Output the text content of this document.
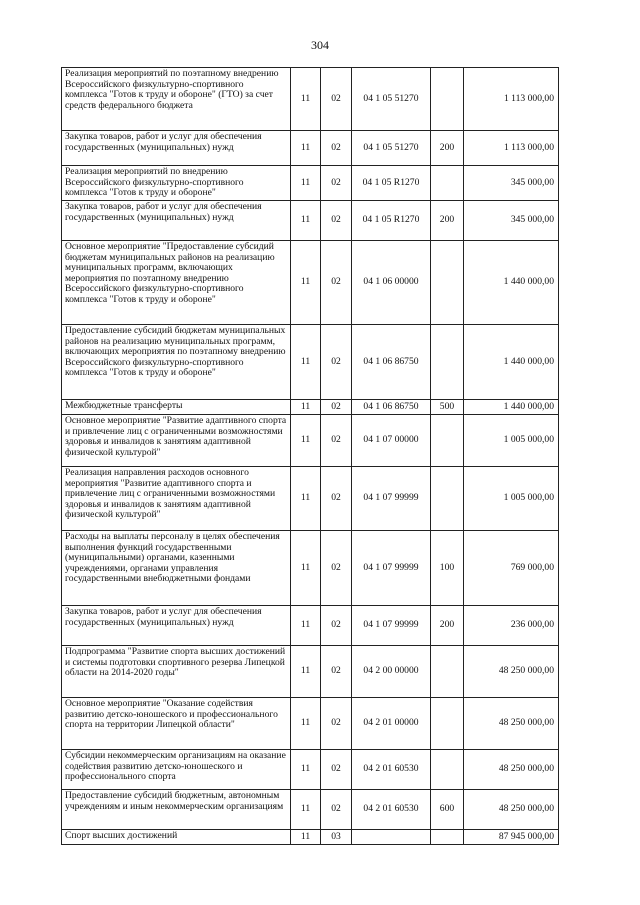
304
Реализация мероприятий по поэтапному внедрению Всероссийского физкультурно-спортивного комплекса "Готов к труду и обороне" (ГТО) за счет средств федерального бюджета	11	02	04 1 05 51270		1 113 000,00
Закупка товаров, работ и услуг для обеспечения государственных (муниципальных) нужд	11	02	04 1 05 51270	200	1 113 000,00
Реализация мероприятий по внедрению Всероссийского физкультурно-спортивного комплекса "Готов к труду и обороне"	11	02	04 1 05 R1270		345 000,00
Закупка товаров, работ и услуг для обеспечения государственных (муниципальных) нужд	11	02	04 1 05 R1270	200	345 000,00
Основное мероприятие "Предоставление субсидий бюджетам муниципальных районов на реализацию муниципальных программ, включающих мероприятия по поэтапному внедрению Всероссийского физкультурно-спортивного комплекса "Готов к труду и обороне"	11	02	04 1 06 00000		1 440 000,00
Предоставление субсидий бюджетам муниципальных районов на реализацию муниципальных программ, включающих мероприятия по поэтапному внедрению Всероссийского физкультурно-спортивного комплекса "Готов к труду и обороне"	11	02	04 1 06 86750		1 440 000,00
Межбюджетные трансферты	11	02	04 1 06 86750	500	1 440 000,00
Основное мероприятие "Развитие адаптивного спорта и привлечение лиц с ограниченными возможностями здоровья и инвалидов к занятиям адаптивной физической культурой"	11	02	04 1 07 00000		1 005 000,00
Реализация направления расходов основного мероприятия "Развитие адаптивного спорта и привлечение лиц с ограниченными возможностями здоровья и инвалидов к занятиям адаптивной физической культурой"	11	02	04 1 07 99999		1 005 000,00
Расходы на выплаты персоналу в целях обеспечения выполнения функций государственными (муниципальными) органами, казенными учреждениями, органами управления государственными внебюджетными фондами	11	02	04 1 07 99999	100	769 000,00
Закупка товаров, работ и услуг для обеспечения государственных (муниципальных) нужд	11	02	04 1 07 99999	200	236 000,00
Подпрограмма "Развитие спорта высших достижений и системы подготовки спортивного резерва Липецкой области на 2014-2020 годы"	11	02	04 2 00 00000		48 250 000,00
Основное мероприятие "Оказание содействия развитию детско-юношеского и профессионального спорта на территории Липецкой области"	11	02	04 2 01 00000		48 250 000,00
Субсидии некоммерческим организациям на оказание содействия развитию детско-юношеского и профессионального спорта	11	02	04 2 01 60530		48 250 000,00
Предоставление субсидий бюджетным, автономным учреждениям и иным некоммерческим организациям	11	02	04 2 01 60530	600	48 250 000,00
Спорт высших достижений	11	03			87 945 000,00
